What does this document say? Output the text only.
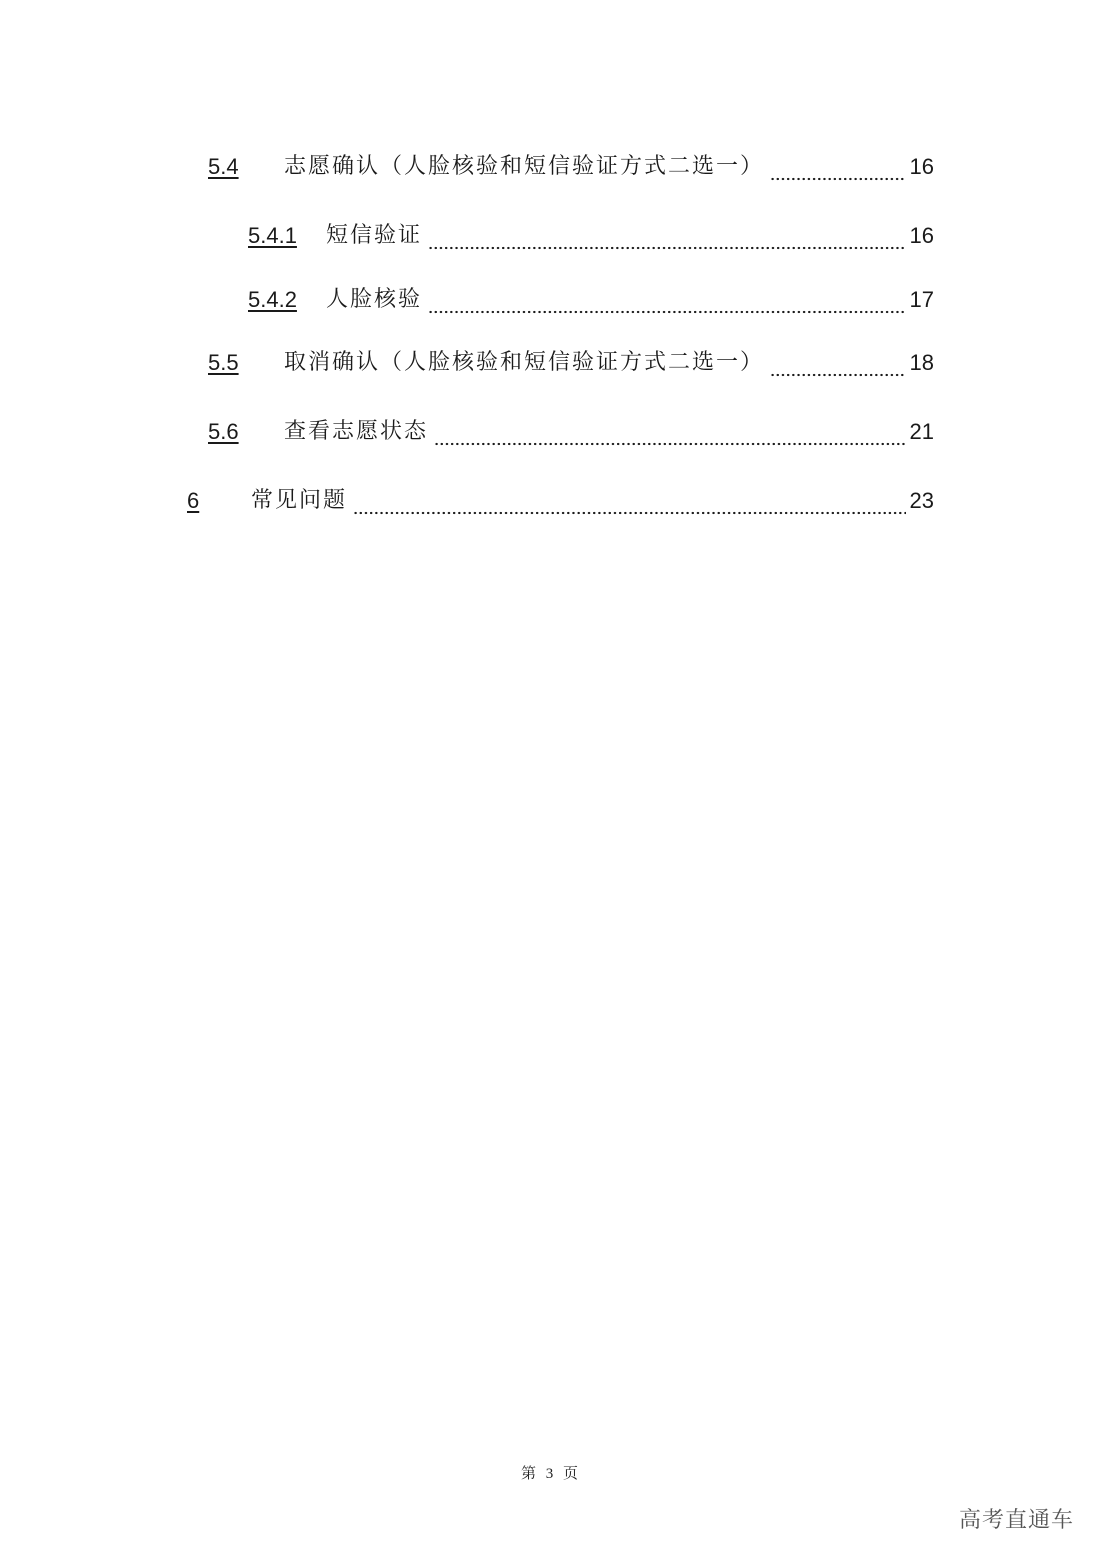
5.4	志愿确认（人脸核验和短信验证方式二选一）	16
5.4.1	短信验证	16
5.4.2	人脸核验	17
5.5	取消确认（人脸核验和短信验证方式二选一）	18
5.6	查看志愿状态	21
6	常见问题	23
第 3 页
高考直通车
